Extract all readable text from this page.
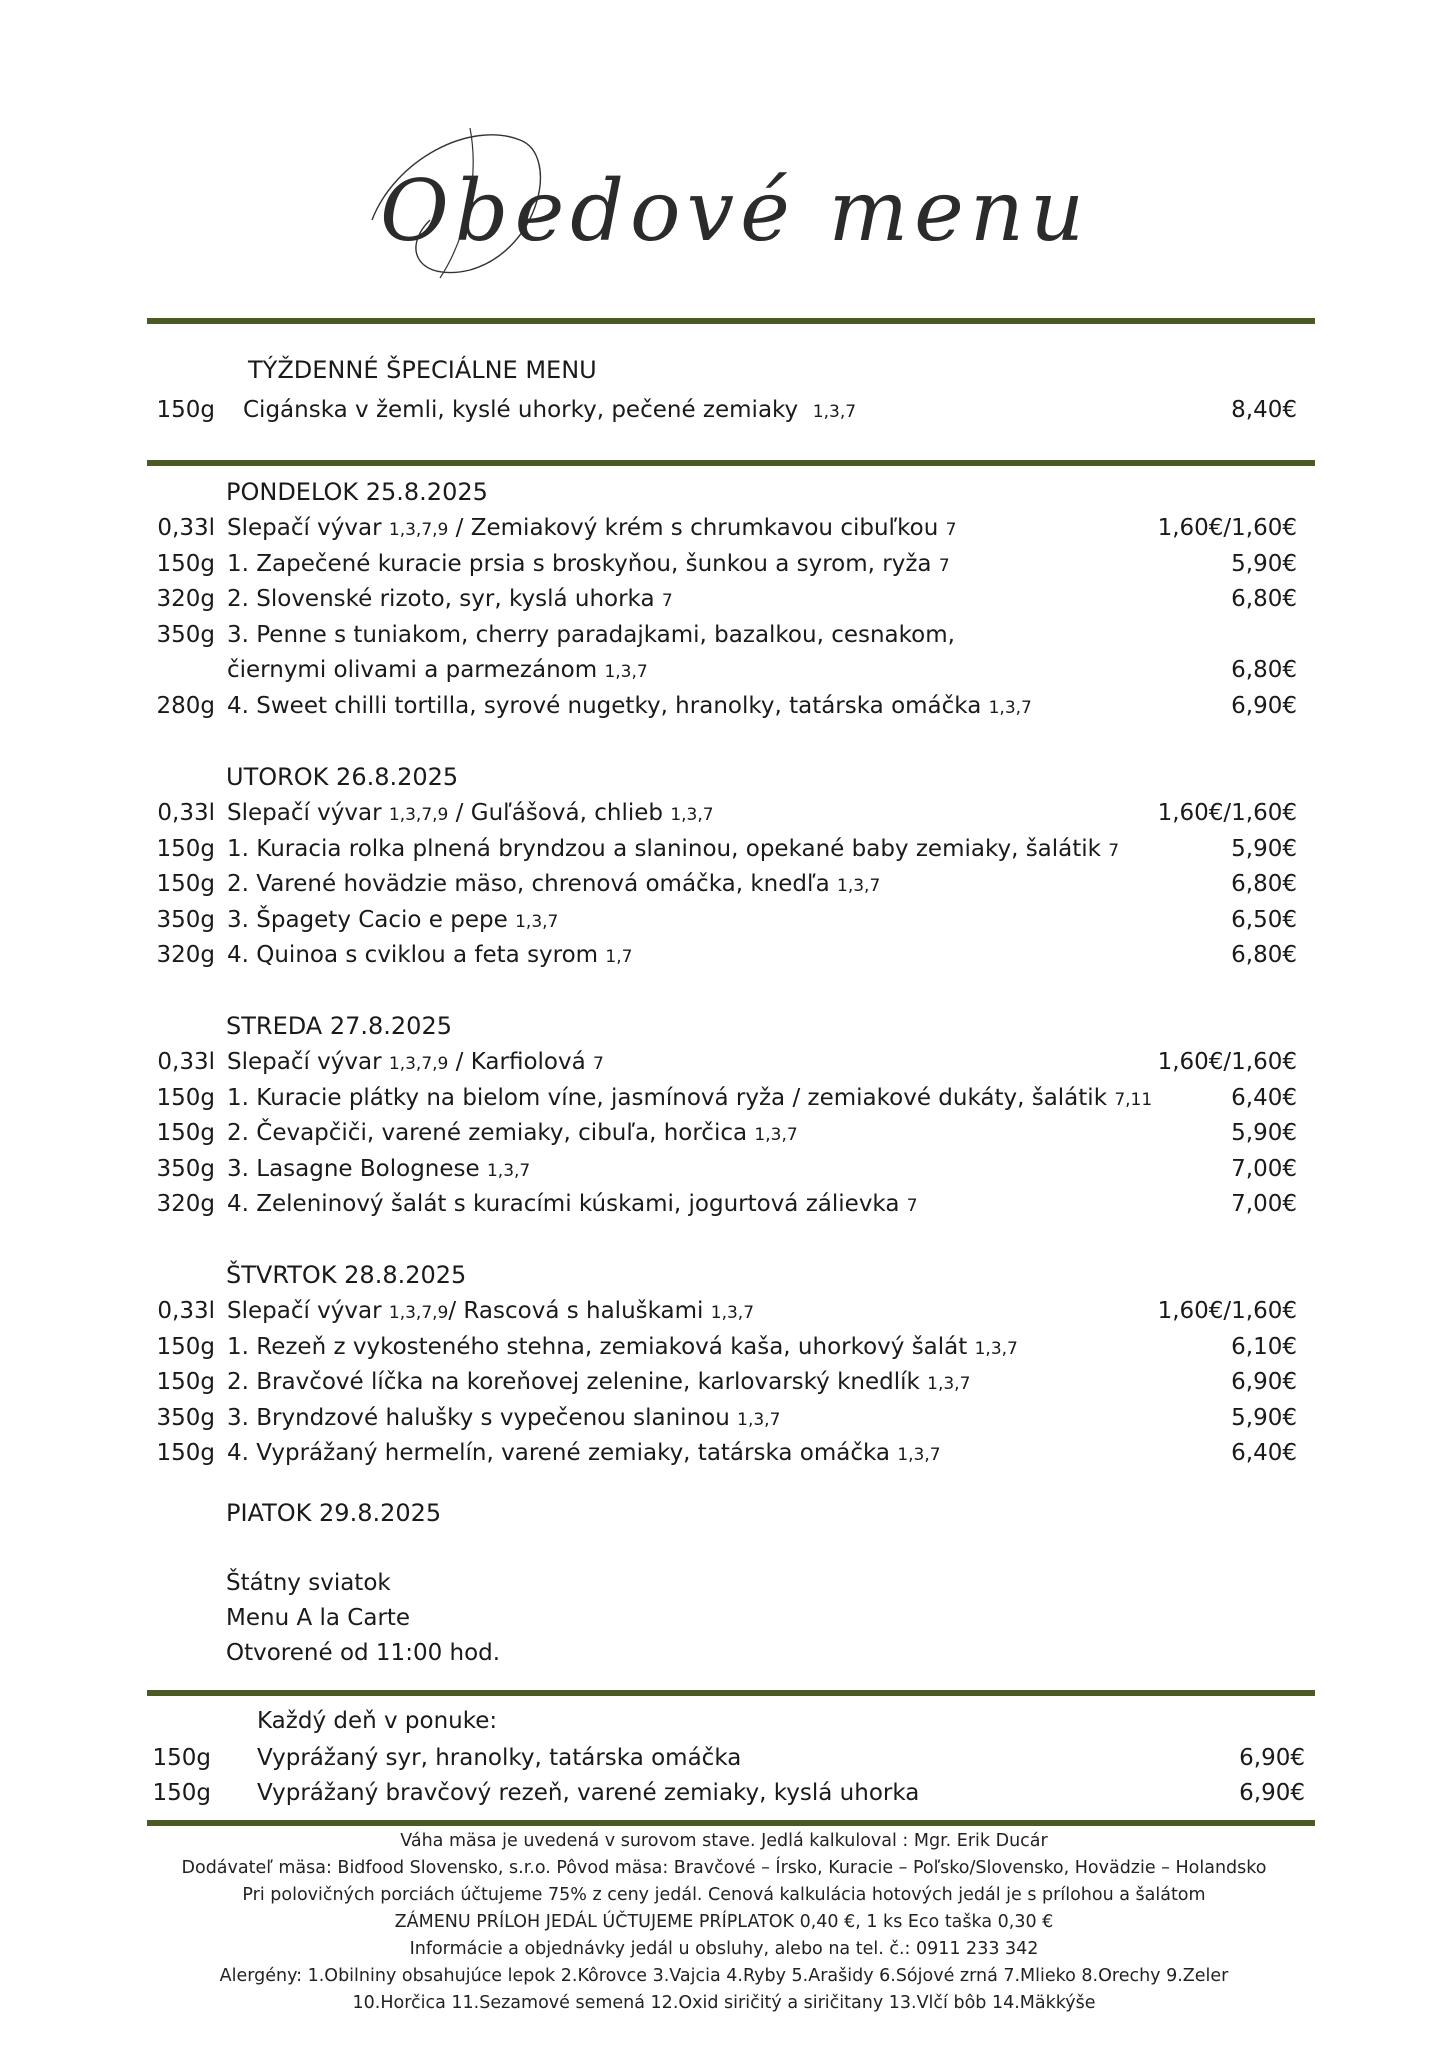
Obedové menu
TÝŽDENNÉ ŠPECIÁLNE MENU
150g Cigánska v žemli, kyslé uhorky, pečené zemiaky 1,3,7	8,40€
PONDELOK 25.8.2025
0,33l Slepačí vývar 1,3,7,9 / Zemiakový krém s chrumkavou cibuľkou 7	1,60€/1,60€
150g 1. Zapečené kuracie prsia s broskyňou, šunkou a syrom, ryža 7	5,90€
320g 2. Slovenské rizoto, syr, kyslá uhorka 7	6,80€
350g 3. Penne s tuniakom, cherry paradajkami, bazalkou, cesnakom,
čiernymi olivami a parmezánom 1,3,7	6,80€
280g 4. Sweet chilli tortilla, syrové nugetky, hranolky, tatárska omáčka 1,3,7	6,90€
UTOROK 26.8.2025
0,33l Slepačí vývar 1,3,7,9 / Guľášová, chlieb 1,3,7	1,60€/1,60€
150g 1. Kuracia rolka plnená bryndzou a slaninou, opekané baby zemiaky, šalátik 7	5,90€
150g 2. Varené hovädzie mäso, chrenová omáčka, knedľa 1,3,7	6,80€
350g 3. Špagety Cacio e pepe 1,3,7	6,50€
320g 4. Quinoa s cviklou a feta syrom 1,7	6,80€
STREDA 27.8.2025
0,33l Slepačí vývar 1,3,7,9 / Karfiolová 7	1,60€/1,60€
150g 1. Kuracie plátky na bielom víne, jasmínová ryža / zemiakové dukáty, šalátik 7,11	6,40€
150g 2. Čevapčiči, varené zemiaky, cibuľa, horčica 1,3,7	5,90€
350g 3. Lasagne Bolognese 1,3,7	7,00€
320g 4. Zeleninový šalát s kuracími kúskami, jogurtová zálievka 7	7,00€
ŠTVRTOK 28.8.2025
0,33l Slepačí vývar 1,3,7,9/ Rascová s haluškami 1,3,7	1,60€/1,60€
150g 1. Rezeň z vykosteného stehna, zemiaková kaša, uhorkový šalát 1,3,7	6,10€
150g 2. Bravčové líčka na koreňovej zelenine, karlovarský knedlík 1,3,7	6,90€
350g 3. Bryndzové halušky s vypečenou slaninou 1,3,7	5,90€
150g 4. Vyprážaný hermelín, varené zemiaky, tatárska omáčka 1,3,7	6,40€
PIATOK 29.8.2025
Štátny sviatok
Menu A la Carte
Otvorené od 11:00 hod.
Každý deň v ponuke:
150g Vyprážaný syr, hranolky, tatárska omáčka	6,90€
150g Vyprážaný bravčový rezeň, varené zemiaky, kyslá uhorka	6,90€
Váha mäsa je uvedená v surovom stave. Jedlá kalkuloval : Mgr. Erik Ducár
Dodávateľ mäsa: Bidfood Slovensko, s.r.o. Pôvod mäsa: Bravčové – Írsko, Kuracie – Poľsko/Slovensko, Hovädzie – Holandsko
Pri polovičných porciách účtujeme 75% z ceny jedál. Cenová kalkulácia hotových jedál je s prílohou a šalátom
ZÁMENU PRÍLOH JEDÁL ÚČTUJEME PRÍPLATOK 0,40 €, 1 ks Eco taška 0,30 €
Informácie a objednávky jedál u obsluhy, alebo na tel. č.: 0911 233 342
Alergény: 1.Obilniny obsahujúce lepok 2.Kôrovce 3.Vajcia 4.Ryby 5.Arašidy 6.Sójové zrná 7.Mlieko 8.Orechy 9.Zeler
10.Horčica 11.Sezamové semená 12.Oxid siričitý a siričitany 13.Vlčí bôb 14.Mäkkýše
